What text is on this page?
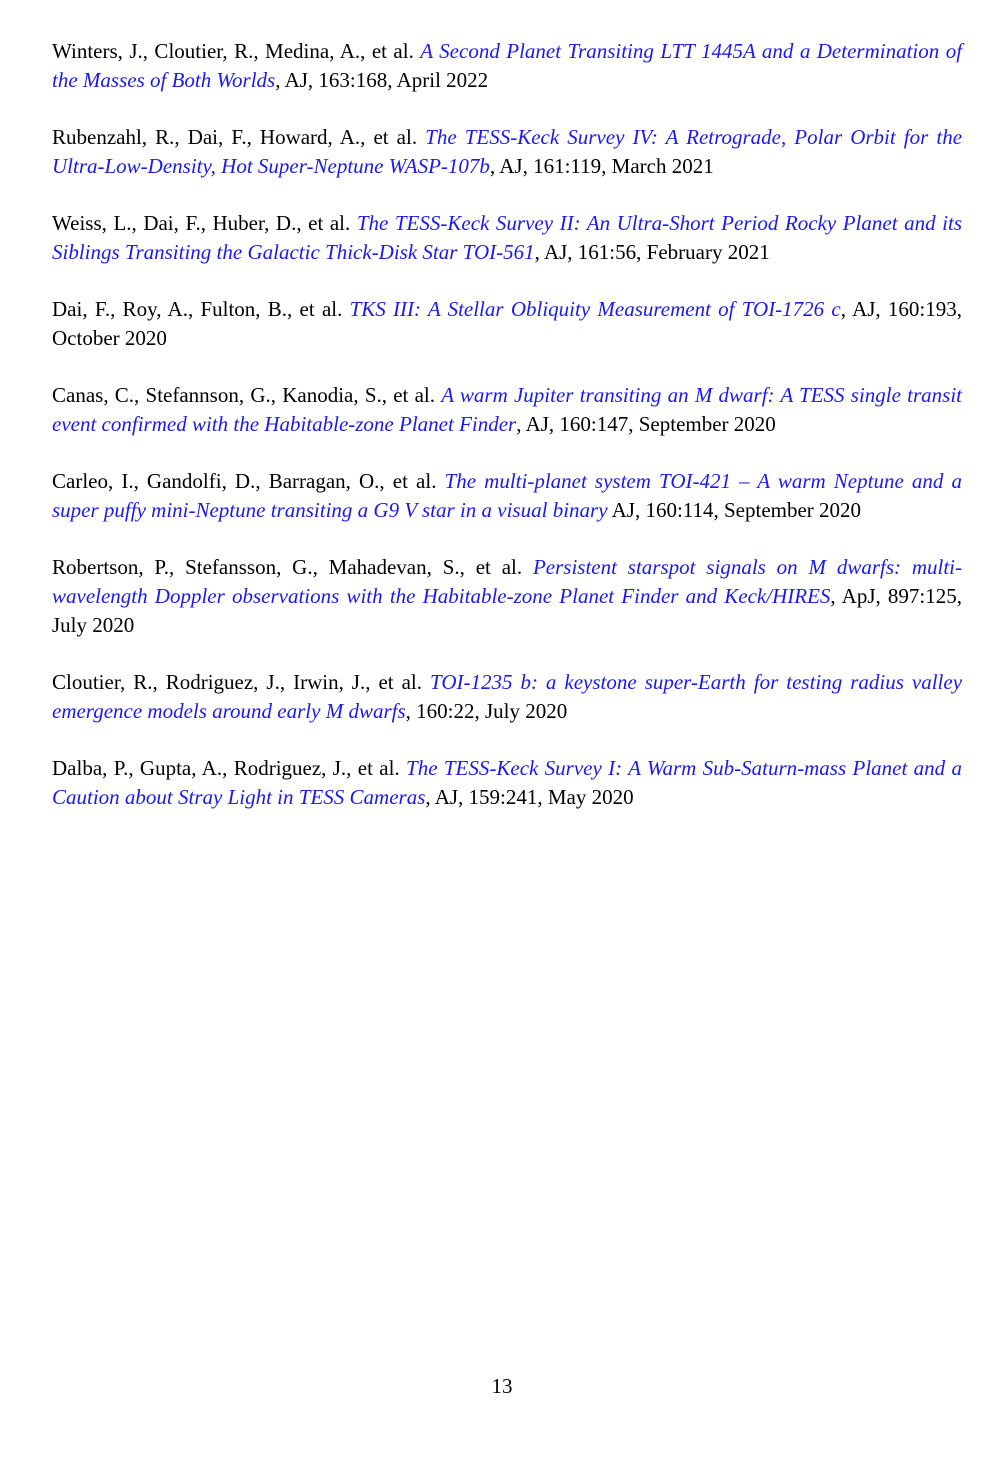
Winters, J., Cloutier, R., Medina, A., et al. A Second Planet Transiting LTT 1445A and a Determination of the Masses of Both Worlds, AJ, 163:168, April 2022

Rubenzahl, R., Dai, F., Howard, A., et al. The TESS-Keck Survey IV: A Retrograde, Polar Orbit for the Ultra-Low-Density, Hot Super-Neptune WASP-107b, AJ, 161:119, March 2021

Weiss, L., Dai, F., Huber, D., et al. The TESS-Keck Survey II: An Ultra-Short Period Rocky Planet and its Siblings Transiting the Galactic Thick-Disk Star TOI-561, AJ, 161:56, February 2021

Dai, F., Roy, A., Fulton, B., et al. TKS III: A Stellar Obliquity Measurement of TOI-1726 c, AJ, 160:193, October 2020

Canas, C., Stefannson, G., Kanodia, S., et al. A warm Jupiter transiting an M dwarf: A TESS single transit event confirmed with the Habitable-zone Planet Finder, AJ, 160:147, September 2020

Carleo, I., Gandolfi, D., Barragan, O., et al. The multi-planet system TOI-421 – A warm Neptune and a super puffy mini-Neptune transiting a G9 V star in a visual binary AJ, 160:114, September 2020

Robertson, P., Stefansson, G., Mahadevan, S., et al. Persistent starspot signals on M dwarfs: multi-wavelength Doppler observations with the Habitable-zone Planet Finder and Keck/HIRES, ApJ, 897:125, July 2020

Cloutier, R., Rodriguez, J., Irwin, J., et al. TOI-1235 b: a keystone super-Earth for testing radius valley emergence models around early M dwarfs, 160:22, July 2020

Dalba, P., Gupta, A., Rodriguez, J., et al. The TESS-Keck Survey I: A Warm Sub-Saturn-mass Planet and a Caution about Stray Light in TESS Cameras, AJ, 159:241, May 2020

13
